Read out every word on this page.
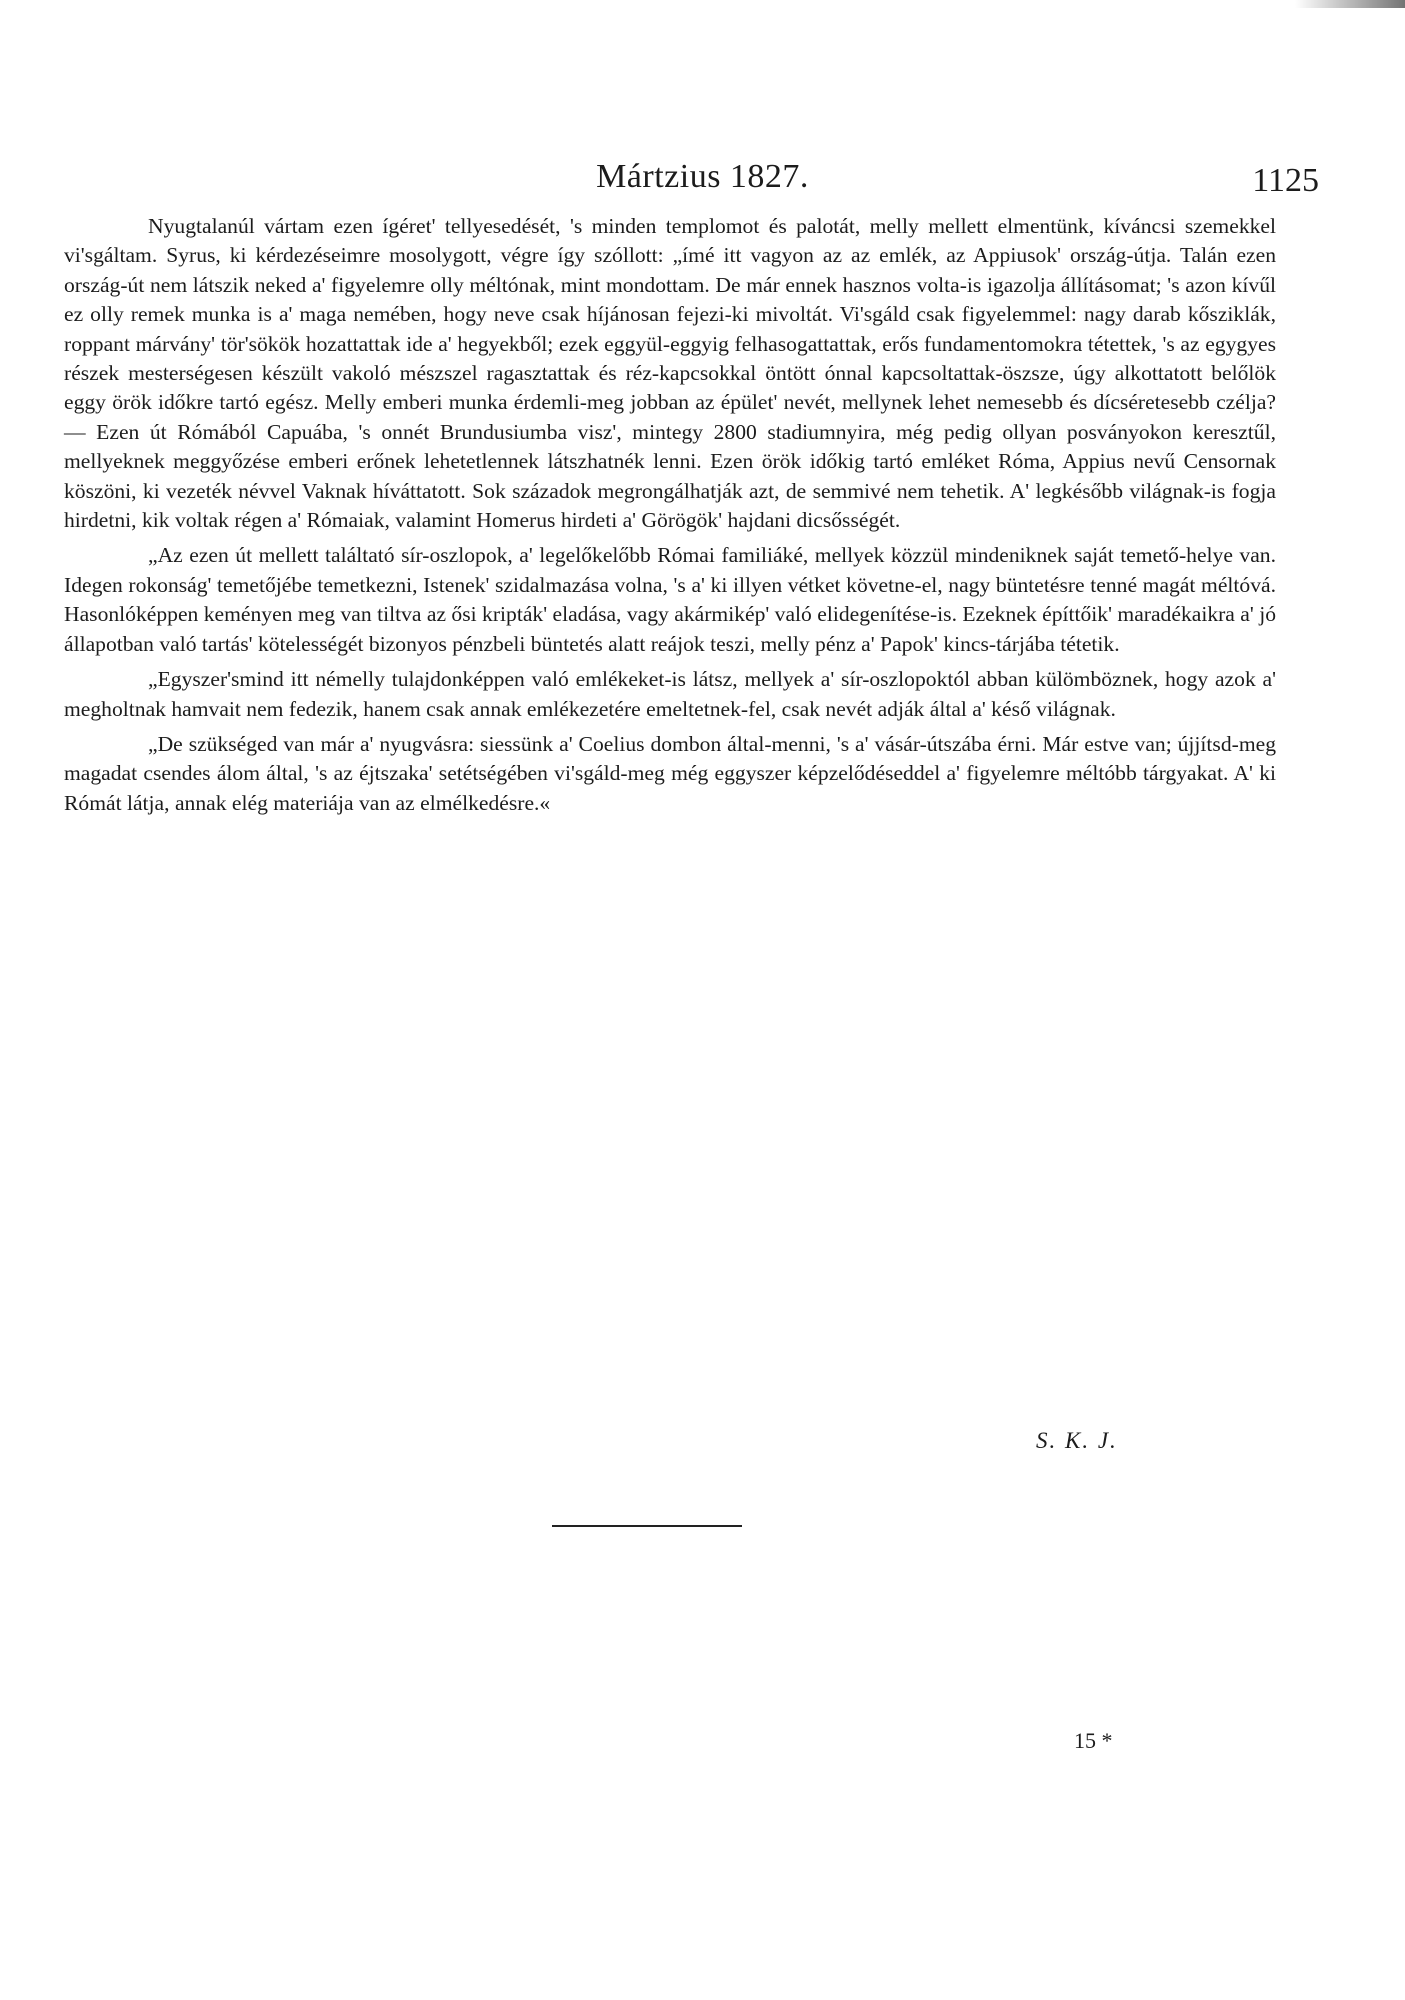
Mártzius 1827.	1125

Nyugtalanúl vártam ezen ígéret' tellyesedését, 's minden templomot és palotát, melly mellett elmentünk, kíváncsi szemekkel vi'sgáltam. Syrus, ki kérdezéseimre mosolygott, végre így szóllott: „ímé itt vagyon az az emlék, az Appiusok' ország-útja. Talán ezen ország-út nem látszik neked a' figyelemre olly méltónak, mint mondottam. De már ennek hasznos volta-is igazolja állításomat; 's azon kívűl ez olly remek munka is a' maga nemében, hogy neve csak híjánosan fejezi-ki mivoltát. Vi'sgáld csak figyelemmel: nagy darab kősziklák, roppant márvány' tör'sökök hozattattak ide a' hegyekből; ezek eggyül-eggyig felhasogattattak, erős fundamentomokra tétettek, 's az egygyes részek mesterségesen készült vakoló mészszel ragasztattak és réz-kapcsokkal öntött ónnal kapcsoltattak-öszsze, úgy alkottatott belőlök eggy örök időkre tartó egész. Melly emberi munka érdemli-meg jobban az épület' nevét, mellynek lehet nemesebb és dícséretesebb czélja? — Ezen út Rómából Capuába, 's onnét Brundusiumba visz', mintegy 2800 stadiumnyira, még pedig ollyan posványokon keresztűl, mellyeknek meggyőzése emberi erőnek lehetetlennek látszhatnék lenni. Ezen örök időkig tartó emléket Róma, Appius nevű Censornak köszöni, ki vezeték névvel Vaknak híváttatott. Sok századok megrongálhatják azt, de semmivé nem tehetik. A' legkésőbb világnak-is fogja hirdetni, kik voltak régen a' Rómaiak, valamint Homerus hirdeti a' Görögök' hajdani dicsősségét.

„Az ezen út mellett találtató sír-oszlopok, a' legelőkelőbb Római familiáké, mellyek közzül mindeniknek saját temető-helye van. Idegen rokonság' temetőjébe temetkezni, Istenek' szidalmazása volna, 's a' ki illyen vétket követne-el, nagy büntetésre tenné magát méltóvá. Hasonlóképpen keményen meg van tiltva az ősi kripták' eladása, vagy akármikép' való elidegenítése-is. Ezeknek építtőik' maradékaikra a' jó állapotban való tartás' kötelességét bizonyos pénzbeli büntetés alatt reájok teszi, melly pénz a' Papok' kincs-tárjába tétetik.

„Egyszer'smind itt némelly tulajdonképpen való emlékeket-is látsz, mellyek a' sír-oszlopoktól abban külömböznek, hogy azok a' megholtnak hamvait nem fedezik, hanem csak annak emlékezetére emeltetnek-fel, csak nevét adják által a' késő világnak.

„De szükséged van már a' nyugvásra: siessünk a' Coelius dombon által-menni, 's a' vásár-útszába érni. Már estve van; újjítsd-meg magadat csendes álom által, 's az éjtszaka' setétségében vi'sgáld-meg még eggyszer képzelődéseddel a' figyelemre méltóbb tárgyakat. A' ki Rómát látja, annak elég materiája van az elmélkedésre.«

S. K. J.
15 *
